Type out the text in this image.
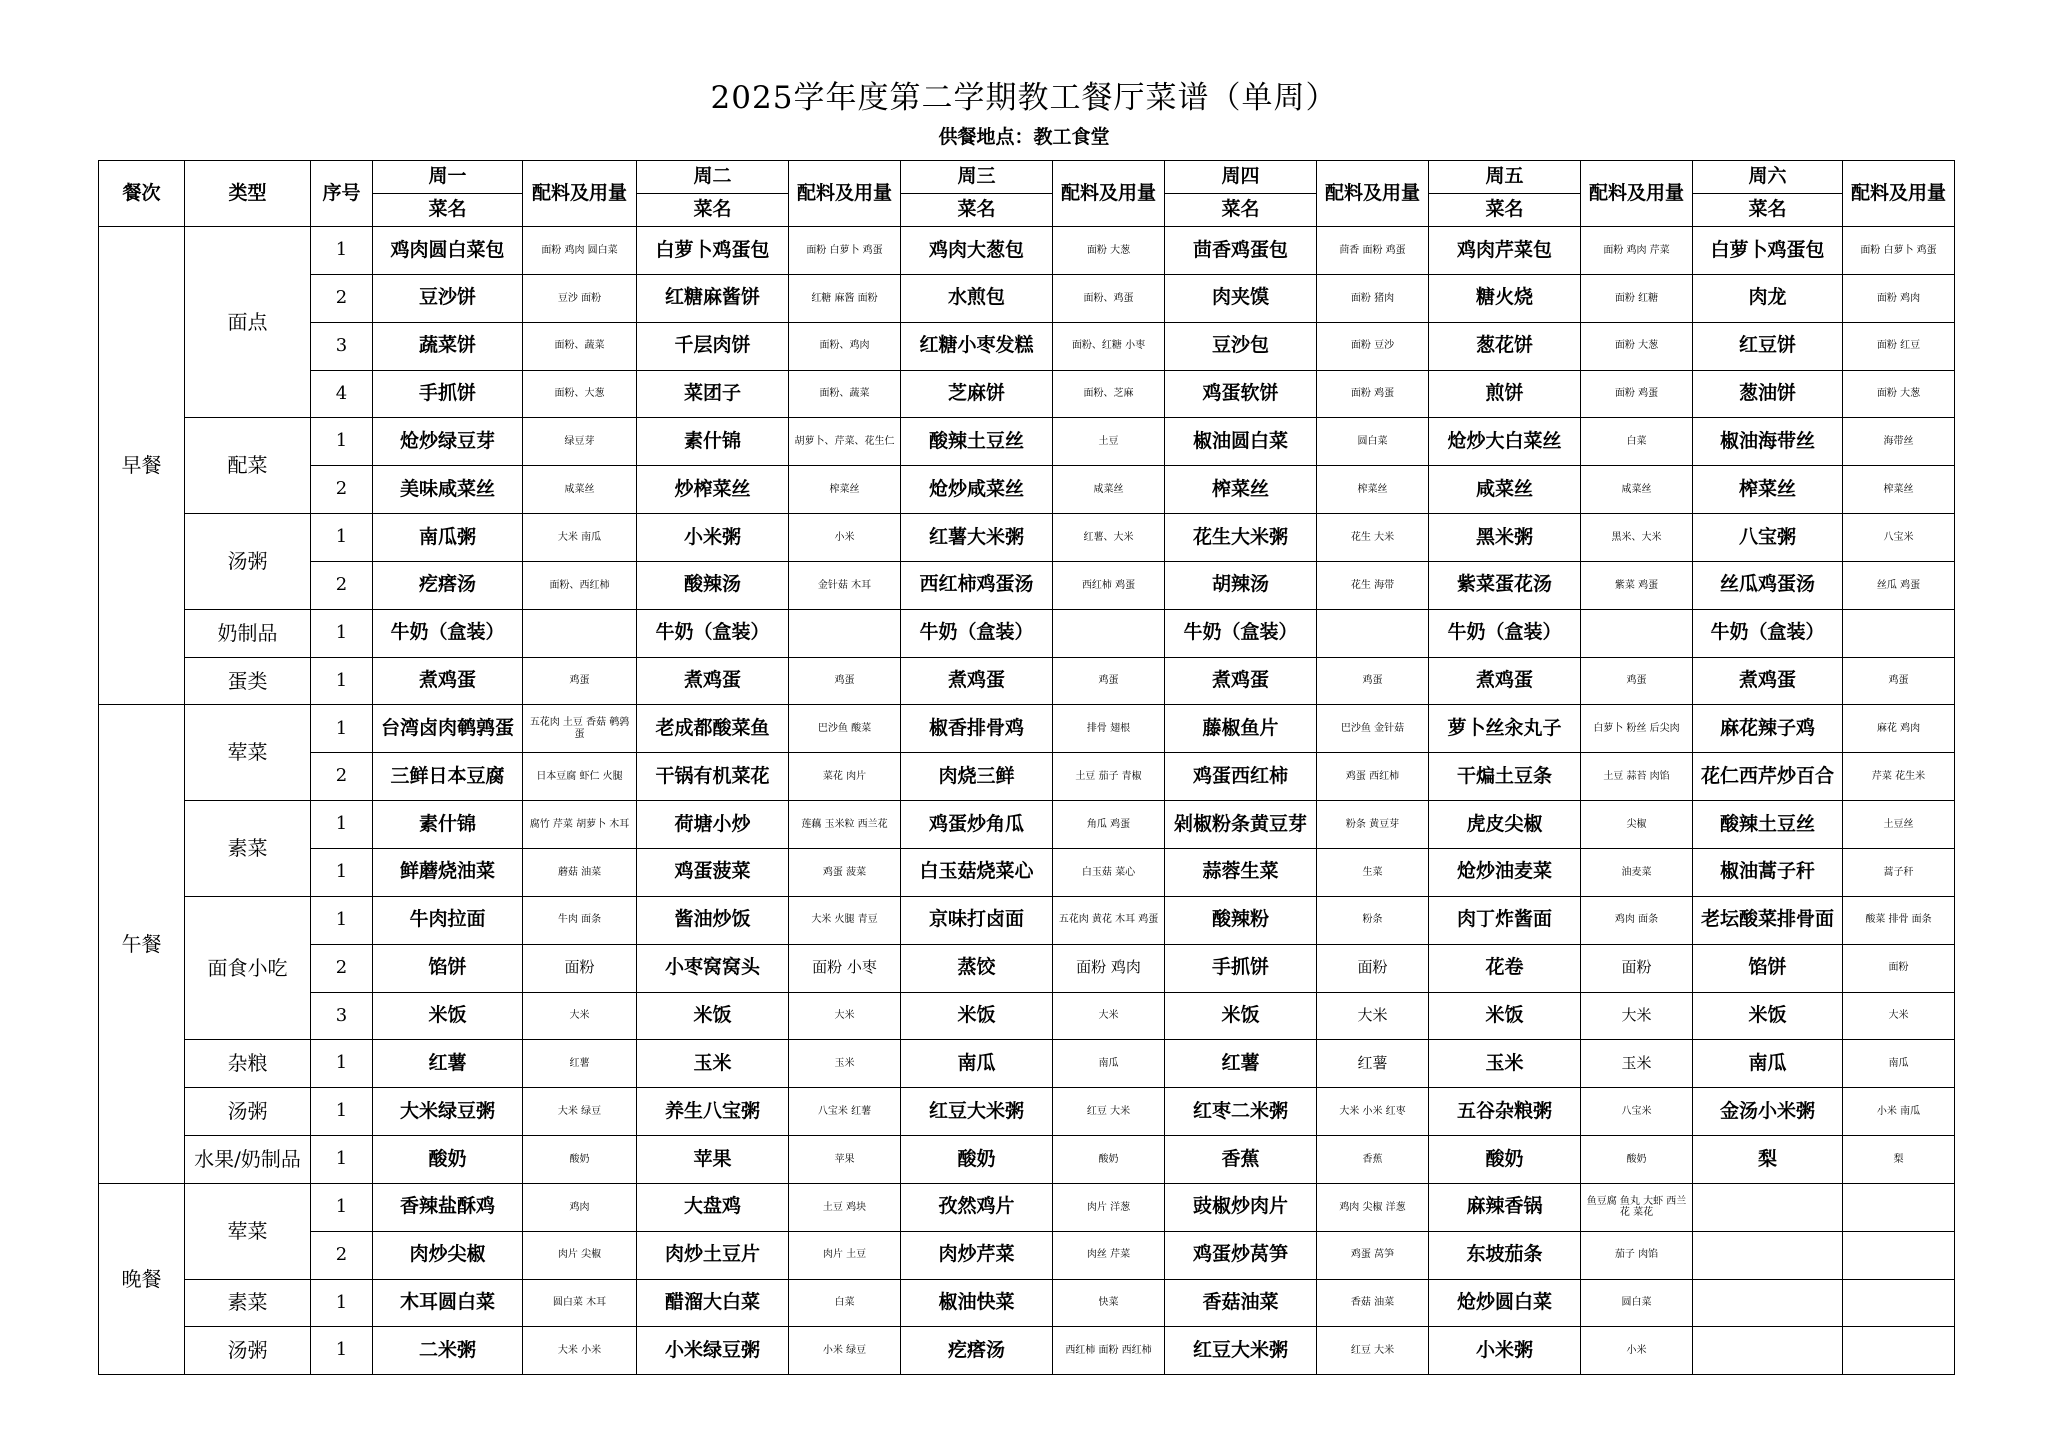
2025学年度第二学期教工餐厅菜谱（单周）
供餐地点：教工食堂
餐次	类型	序号	周一	配料及用量	周二	配料及用量	周三	配料及用量	周四	配料及用量	周五	配料及用量	周六	配料及用量
			菜名		菜名		菜名		菜名		菜名		菜名	
早餐	面点	1	鸡肉圆白菜包	面粉 鸡肉 圆白菜	白萝卜鸡蛋包	面粉 白萝卜 鸡蛋	鸡肉大葱包	面粉 大葱	茴香鸡蛋包	茴香 面粉 鸡蛋	鸡肉芹菜包	面粉 鸡肉 芹菜	白萝卜鸡蛋包	面粉 白萝卜 鸡蛋
		2	豆沙饼	豆沙 面粉	红糖麻酱饼	红糖 麻酱 面粉	水煎包	面粉、鸡蛋	肉夹馍	面粉 猪肉	糖火烧	面粉 红糖	肉龙	面粉 鸡肉
		3	蔬菜饼	面粉、蔬菜	千层肉饼	面粉、鸡肉	红糖小枣发糕	面粉、红糖 小枣	豆沙包	面粉 豆沙	葱花饼	面粉 大葱	红豆饼	面粉 红豆
		4	手抓饼	面粉、大葱	菜团子	面粉、蔬菜	芝麻饼	面粉、芝麻	鸡蛋软饼	面粉 鸡蛋	煎饼	面粉 鸡蛋	葱油饼	面粉 大葱
	配菜	1	炝炒绿豆芽	绿豆芽	素什锦	胡萝卜、芹菜、花生仁	酸辣土豆丝	土豆	椒油圆白菜	圆白菜	炝炒大白菜丝	白菜	椒油海带丝	海带丝
		2	美味咸菜丝	咸菜丝	炒榨菜丝	榨菜丝	炝炒咸菜丝	咸菜丝	榨菜丝	榨菜丝	咸菜丝	咸菜丝	榨菜丝	榨菜丝
	汤粥	1	南瓜粥	大米 南瓜	小米粥	小米	红薯大米粥	红薯、大米	花生大米粥	花生 大米	黑米粥	黑米、大米	八宝粥	八宝米
		2	疙瘩汤	面粉、西红柿	酸辣汤	金针菇 木耳	西红柿鸡蛋汤	西红柿 鸡蛋	胡辣汤	花生 海带	紫菜蛋花汤	紫菜 鸡蛋	丝瓜鸡蛋汤	丝瓜 鸡蛋
	奶制品	1	牛奶（盒装）		牛奶（盒装）		牛奶（盒装）		牛奶（盒装）		牛奶（盒装）		牛奶（盒装）	
	蛋类	1	煮鸡蛋	鸡蛋	煮鸡蛋	鸡蛋	煮鸡蛋	鸡蛋	煮鸡蛋	鸡蛋	煮鸡蛋	鸡蛋	煮鸡蛋	鸡蛋
午餐	荤菜	1	台湾卤肉鹌鹑蛋	五花肉 土豆 香菇 鹌鹑蛋	老成都酸菜鱼	巴沙鱼 酸菜	椒香排骨鸡	排骨 翅根	藤椒鱼片	巴沙鱼 金针菇	萝卜丝汆丸子	白萝卜 粉丝 后尖肉	麻花辣子鸡	麻花 鸡肉
		2	三鲜日本豆腐	日本豆腐 虾仁 火腿	干锅有机菜花	菜花 肉片	肉烧三鲜	土豆 茄子 青椒	鸡蛋西红柿	鸡蛋 西红柿	干煸土豆条	土豆 蒜苔 肉馅	花仁西芹炒百合	芹菜 花生米
	素菜	1	素什锦	腐竹 芹菜 胡萝卜 木耳	荷塘小炒	莲藕 玉米粒 西兰花	鸡蛋炒角瓜	角瓜 鸡蛋	剁椒粉条黄豆芽	粉条 黄豆芽	虎皮尖椒	尖椒	酸辣土豆丝	土豆丝
		1	鲜蘑烧油菜	蘑菇 油菜	鸡蛋菠菜	鸡蛋 菠菜	白玉菇烧菜心	白玉菇 菜心	蒜蓉生菜	生菜	炝炒油麦菜	油麦菜	椒油蒿子秆	蒿子秆
	面食小吃	1	牛肉拉面	牛肉 面条	酱油炒饭	大米 火腿 青豆	京味打卤面	五花肉 黄花 木耳 鸡蛋	酸辣粉	粉条	肉丁炸酱面	鸡肉 面条	老坛酸菜排骨面	酸菜 排骨 面条
		2	馅饼	面粉	小枣窝窝头	面粉 小枣	蒸饺	面粉 鸡肉	手抓饼	面粉	花卷	面粉	馅饼	面粉
		3	米饭	大米	米饭	大米	米饭	大米	米饭	大米	米饭	大米	米饭	大米
	杂粮	1	红薯	红薯	玉米	玉米	南瓜	南瓜	红薯	红薯	玉米	玉米	南瓜	南瓜
	汤粥	1	大米绿豆粥	大米 绿豆	养生八宝粥	八宝米 红薯	红豆大米粥	红豆 大米	红枣二米粥	大米 小米 红枣	五谷杂粮粥	八宝米	金汤小米粥	小米 南瓜
	水果/奶制品	1	酸奶	酸奶	苹果	苹果	酸奶	酸奶	香蕉	香蕉	酸奶	酸奶	梨	梨
晚餐	荤菜	1	香辣盐酥鸡	鸡肉	大盘鸡	土豆 鸡块	孜然鸡片	肉片 洋葱	豉椒炒肉片	鸡肉 尖椒 洋葱	麻辣香锅	鱼豆腐 鱼丸 大虾 西兰花 菜花		
		2	肉炒尖椒	肉片 尖椒	肉炒土豆片	肉片 土豆	肉炒芹菜	肉丝 芹菜	鸡蛋炒莴笋	鸡蛋 莴笋	东坡茄条	茄子 肉馅		
	素菜	1	木耳圆白菜	圆白菜 木耳	醋溜大白菜	白菜	椒油快菜	快菜	香菇油菜	香菇 油菜	炝炒圆白菜	圆白菜		
	汤粥	1	二米粥	大米 小米	小米绿豆粥	小米 绿豆	疙瘩汤	西红柿 面粉 西红柿	红豆大米粥	红豆 大米	小米粥	小米		
